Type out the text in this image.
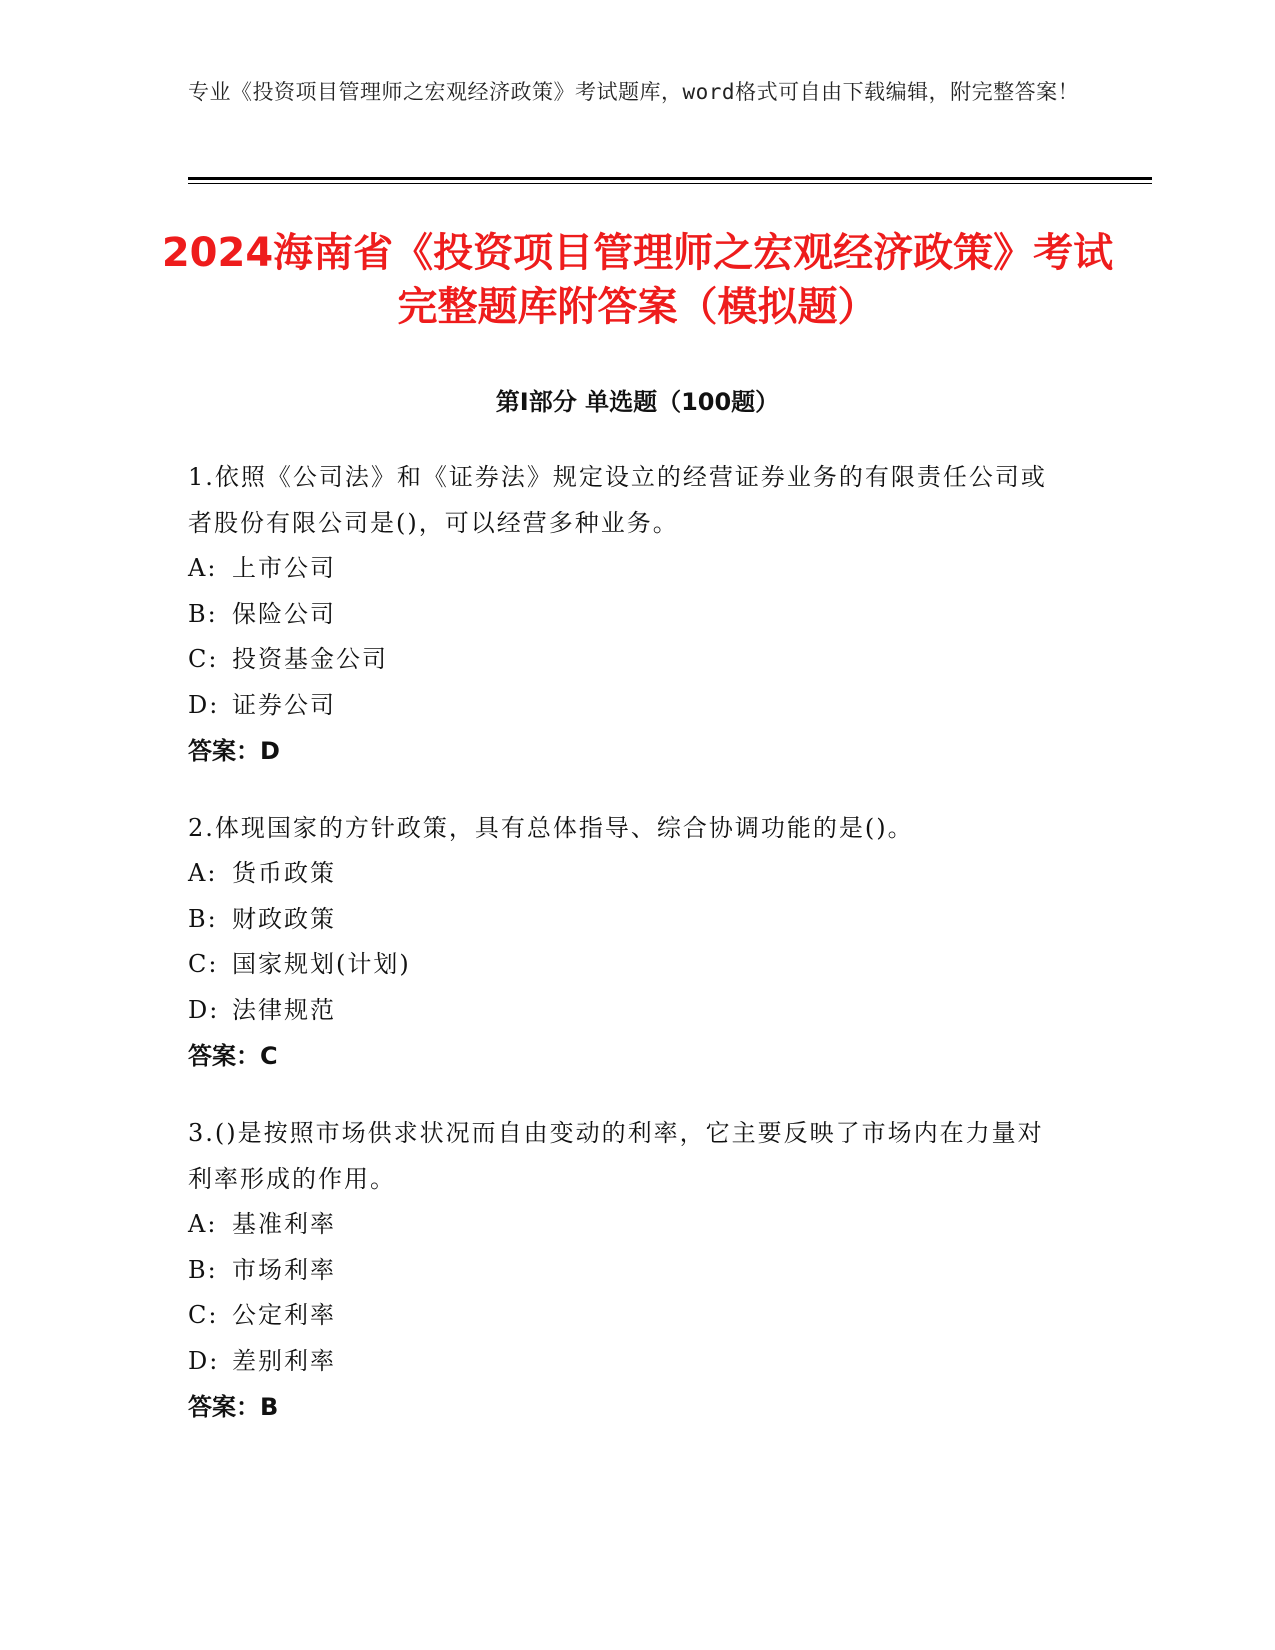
专业《投资项目管理师之宏观经济政策》考试题库，word格式可自由下载编辑，附完整答案！
2024海南省《投资项目管理师之宏观经济政策》考试完整题库附答案（模拟题）
第I部分 单选题（100题）
1.依照《公司法》和《证券法》规定设立的经营证券业务的有限责任公司或者股份有限公司是()，可以经营多种业务。
A: 上市公司
B: 保险公司
C: 投资基金公司
D: 证券公司
答案：D
2.体现国家的方针政策，具有总体指导、综合协调功能的是()。
A: 货币政策
B: 财政政策
C: 国家规划(计划)
D: 法律规范
答案：C
3.()是按照市场供求状况而自由变动的利率，它主要反映了市场内在力量对利率形成的作用。
A: 基准利率
B: 市场利率
C: 公定利率
D: 差别利率
答案：B
